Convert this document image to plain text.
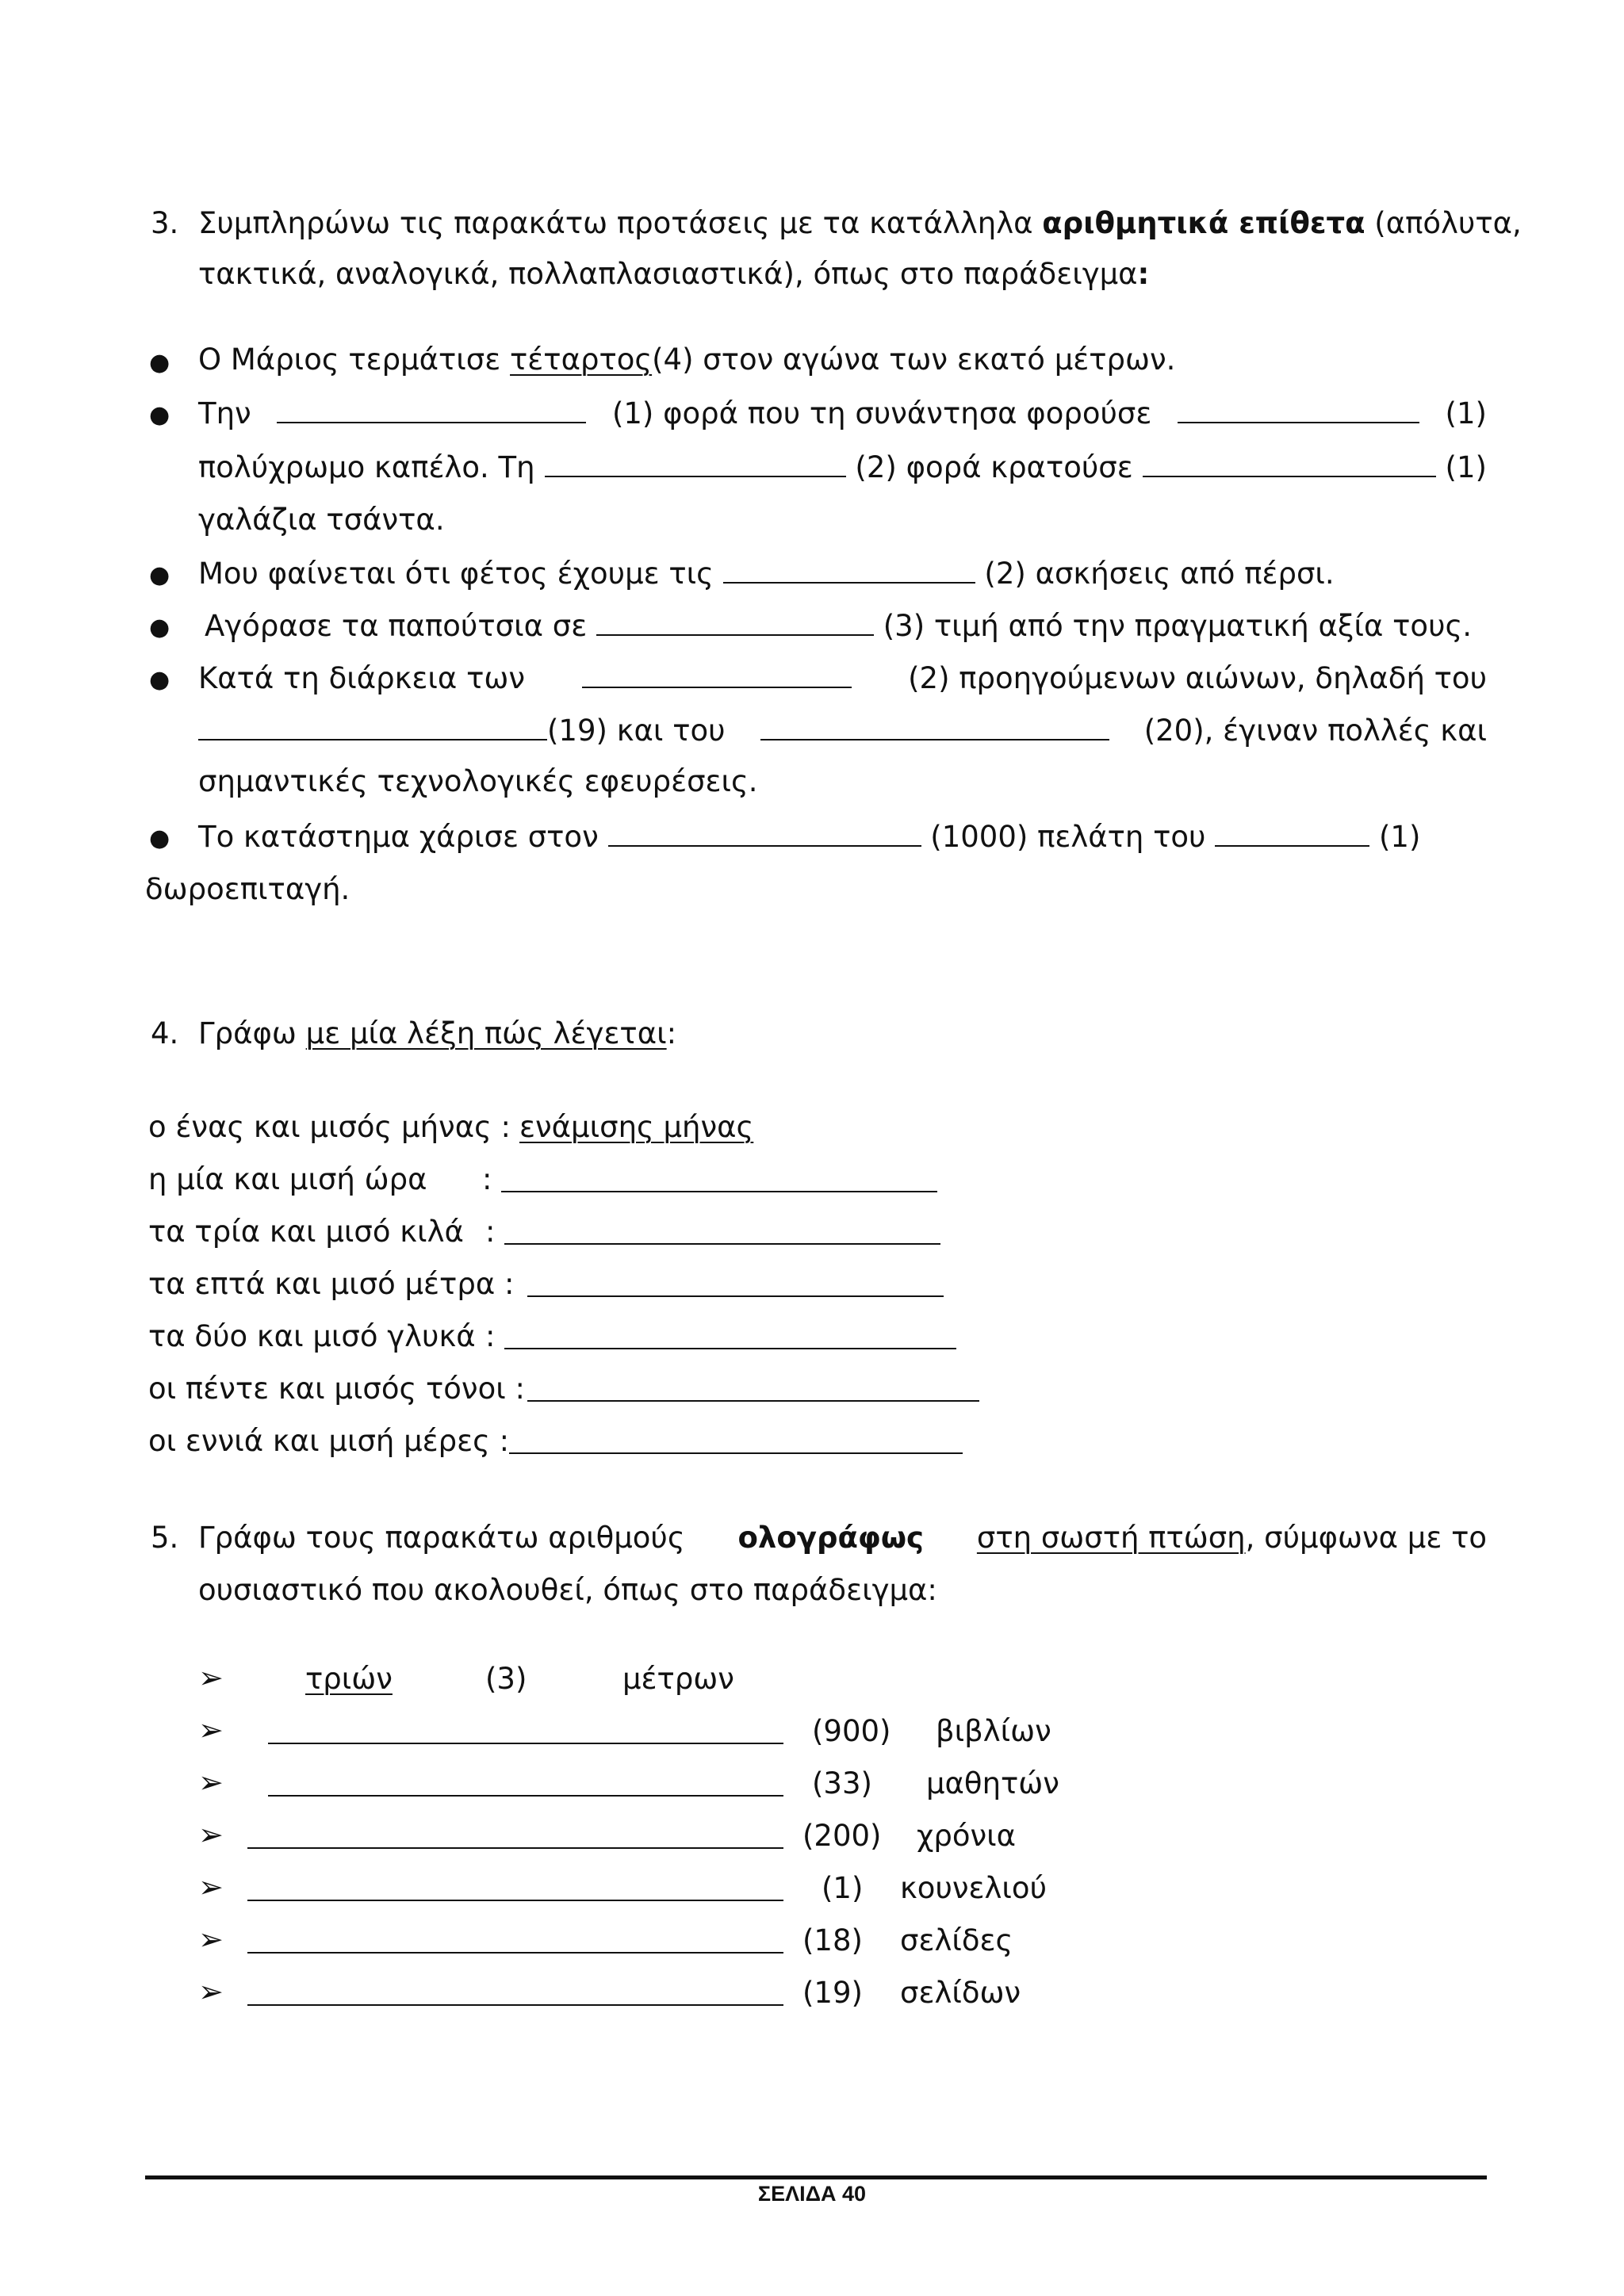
3. Συμπληρώνω τις παρακάτω προτάσεις με τα κατάλληλα αριθμητικά επίθετα (απόλυτα,
τακτικά, αναλογικά, πολλαπλασιαστικά), όπως στο παράδειγμα:
● Ο Μάριος τερμάτισε τέταρτος(4) στον αγώνα των εκατό μέτρων.
● Την	(1) φορά που τη συνάντησα φορούσε	(1)
πολύχρωμο καπέλο. Τη	(2) φορά κρατούσε	(1)
γαλάζια τσάντα.
● Μου φαίνεται ότι φέτος έχουμε τις	(2) ασκήσεις από πέρσι.
● Αγόρασε τα παπούτσια σε	(3) τιμή από την πραγματική αξία τους.
● Κατά τη διάρκεια των	(2) προηγούμενων αιώνων, δηλαδή του
(19) και του	(20), έγιναν πολλές και
σημαντικές τεχνολογικές εφευρέσεις.
● Το κατάστημα χάρισε στον	(1000) πελάτη του	(1)
δωροεπιταγή.
4. Γράφω με μία λέξη πώς λέγεται:
ο ένας και μισός μήνας : ενάμισης μήνας
η μία και μισή ώρα :
τα τρία και μισό κιλά :
τα επτά και μισό μέτρα :
τα δύο και μισό γλυκά :
οι πέντε και μισός τόνοι :
οι εννιά και μισή μέρες :
5. Γράφω τους παρακάτω αριθμούς ολογράφως στη σωστή πτώση, σύμφωνα με το
ουσιαστικό που ακολουθεί, όπως στο παράδειγμα:
➢	τριών	(3)	μέτρων
➢	(900) βιβλίων
➢	(33) μαθητών
➢	(200) χρόνια
➢	(1) κουνελιού
➢	(18) σελίδες
➢	(19) σελίδων
ΣΕΛΙΔΑ 40
